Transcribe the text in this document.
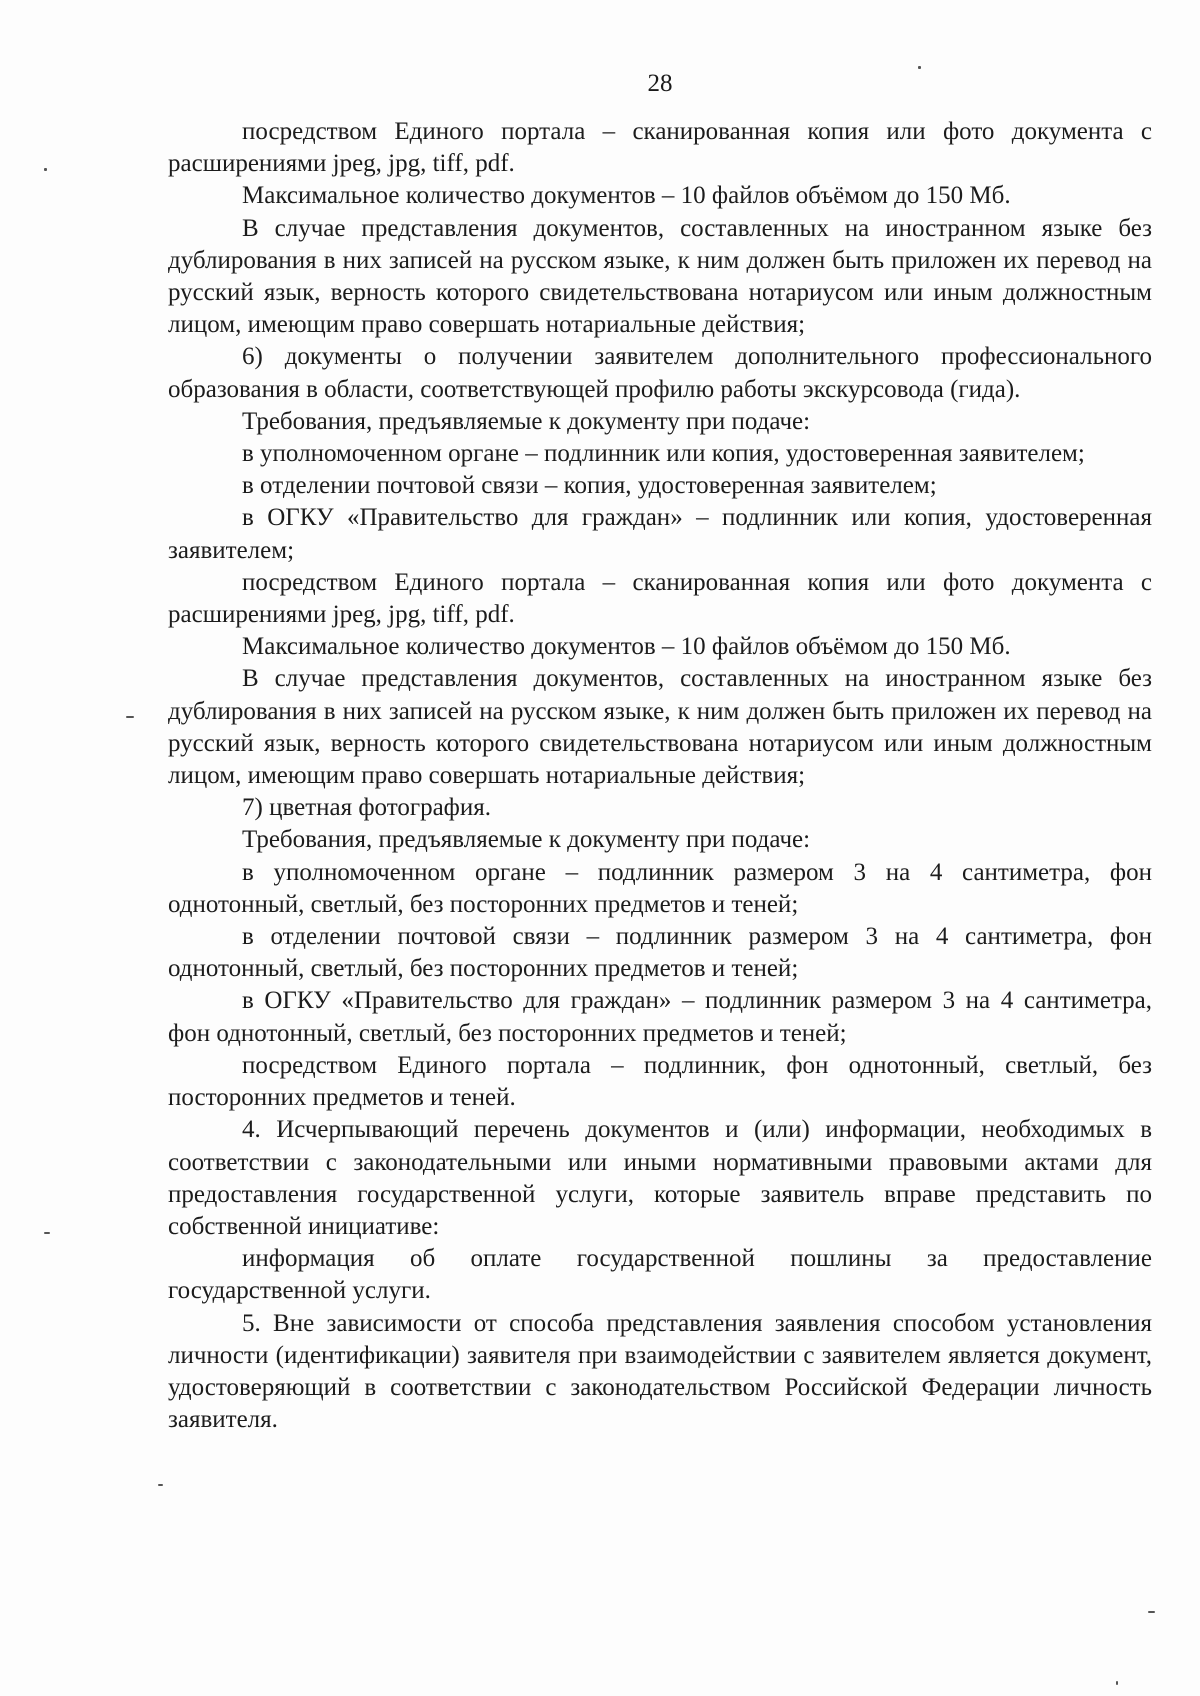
28

посредством Единого портала – сканированная копия или фото документа с расширениями jpeg, jpg, tiff, pdf.

Максимальное количество документов – 10 файлов объёмом до 150 Мб.

В случае представления документов, составленных на иностранном языке без дублирования в них записей на русском языке, к ним должен быть приложен их перевод на русский язык, верность которого свидетельствована нотариусом или иным должностным лицом, имеющим право совершать нотариальные действия;

6) документы о получении заявителем дополнительного профессионального образования в области, соответствующей профилю работы экскурсовода (гида).

Требования, предъявляемые к документу при подаче:

в уполномоченном органе – подлинник или копия, удостоверенная заявителем;

в отделении почтовой связи – копия, удостоверенная заявителем;

в ОГКУ «Правительство для граждан» – подлинник или копия, удостоверенная заявителем;

посредством Единого портала – сканированная копия или фото документа с расширениями jpeg, jpg, tiff, pdf.

Максимальное количество документов – 10 файлов объёмом до 150 Мб.

В случае представления документов, составленных на иностранном языке без дублирования в них записей на русском языке, к ним должен быть приложен их перевод на русский язык, верность которого свидетельствована нотариусом или иным должностным лицом, имеющим право совершать нотариальные действия;

7) цветная фотография.

Требования, предъявляемые к документу при подаче:

в уполномоченном органе – подлинник размером 3 на 4 сантиметра, фон однотонный, светлый, без посторонних предметов и теней;

в отделении почтовой связи – подлинник размером 3 на 4 сантиметра, фон однотонный, светлый, без посторонних предметов и теней;

в ОГКУ «Правительство для граждан» – подлинник размером 3 на 4 сантиметра, фон однотонный, светлый, без посторонних предметов и теней;

посредством Единого портала – подлинник, фон однотонный, светлый, без посторонних предметов и теней.

4. Исчерпывающий перечень документов и (или) информации, необходимых в соответствии с законодательными или иными нормативными правовыми актами для предоставления государственной услуги, которые заявитель вправе представить по собственной инициативе:

информация об оплате государственной пошлины за предоставление государственной услуги.

5. Вне зависимости от способа представления заявления способом установления личности (идентификации) заявителя при взаимодействии с заявителем является документ, удостоверяющий в соответствии с законодательством Российской Федерации личность заявителя.
